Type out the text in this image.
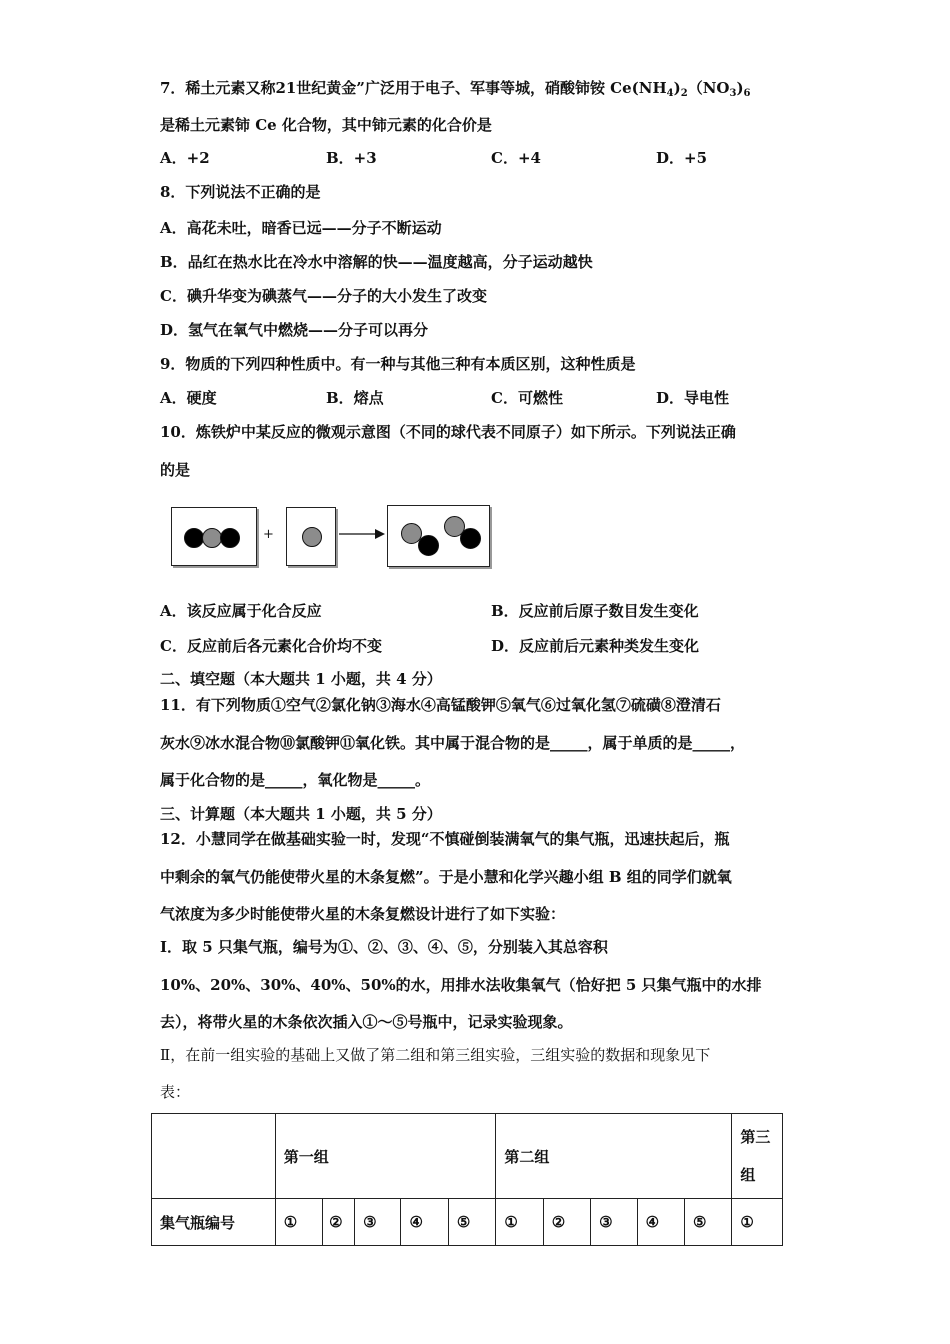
7．稀土元素又称21世纪黄金”广泛用于电子、军事等城，硝酸铈铵 $Ce(NH_4)_2(NO_3)_6$
是稀土元素铈 Ce 化合物，其中铈元素的化合价是
A．+2	B．+3	C．+4	D．+5
8．下列说法不正确的是
A．高花未吐，暗香已远——分子不断运动
B．品红在热水比在冷水中溶解的快——温度越高，分子运动越快
C．碘升华变为碘蒸气——分子的大小发生了改变
D．氢气在氧气中燃烧——分子可以再分
9．物质的下列四种性质中。有一种与其他三种有本质区别，这种性质是
A．硬度	B．熔点	C．可燃性	D．导电性
10．炼铁炉中某反应的微观示意图（不同的球代表不同原子）如下所示。下列说法正确
的是
+
A．该反应属于化合反应	B．反应前后原子数目发生变化
C．反应前后各元素化合价均不变	D．反应前后元素种类发生变化
二、填空题（本大题共 1 小题，共 4 分）
11．有下列物质①空气②氯化钠③海水④高锰酸钾⑤氧气⑥过氧化氢⑦硫磺⑧澄清石
灰水⑨冰水混合物⑩氯酸钾⑪氧化铁。其中属于混合物的是_____，属于单质的是_____，
属于化合物的是_____，氧化物是_____。
三、计算题（本大题共 1 小题，共 5 分）
12．小慧同学在做基础实验一时，发现“不慎碰倒装满氧气的集气瓶，迅速扶起后，瓶
中剩余的氧气仍能使带火星的木条复燃”。于是小慧和化学兴趣小组 B 组的同学们就氧
气浓度为多少时能使带火星的木条复燃设计进行了如下实验：
I．取 5 只集气瓶，编号为①、②、③、④、⑤，分别装入其总容积
10%、20%、30%、40%、50%的水，用排水法收集氧气（恰好把 5 只集气瓶中的水排
去），将带火星的木条依次插入①～⑤号瓶中，记录实验现象。
Ⅱ，在前一组实验的基础上又做了第二组和第三组实验，三组实验的数据和现象见下
表：
	第一组					第二组					第三
组
集气瓶编号	①	②	③	④	⑤	①	②	③	④	⑤	①
